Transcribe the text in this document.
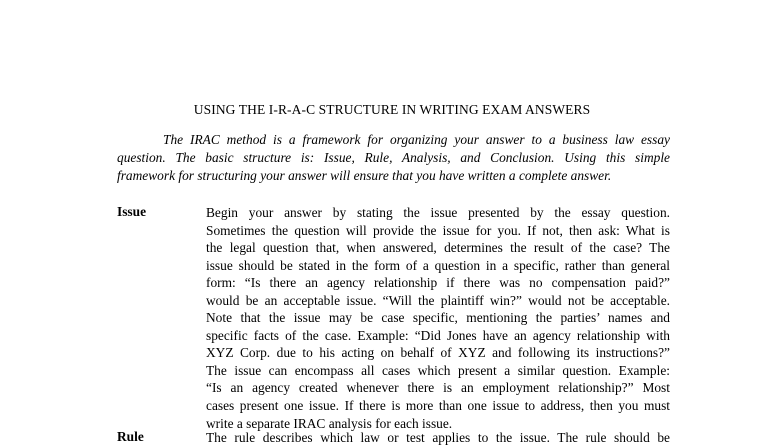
USING THE I-R-A-C STRUCTURE IN WRITING EXAM ANSWERS
The IRAC method is a framework for organizing your answer to a business law essay
question. The basic structure is: Issue, Rule, Analysis, and Conclusion. Using this simple
framework for structuring your answer will ensure that you have written a complete answer.
Issue	Begin your answer by stating the issue presented by the essay question.
Sometimes the question will provide the issue for you. If not, then ask: What is
the legal question that, when answered, determines the result of the case? The
issue should be stated in the form of a question in a specific, rather than general
form: “Is there an agency relationship if there was no compensation paid?”
would be an acceptable issue. “Will the plaintiff win?” would not be acceptable.
Note that the issue may be case specific, mentioning the parties’ names and
specific facts of the case. Example: “Did Jones have an agency relationship with
XYZ Corp. due to his acting on behalf of XYZ and following its instructions?”
The issue can encompass all cases which present a similar question. Example:
“Is an agency created whenever there is an employment relationship?” Most
cases present one issue. If there is more than one issue to address, then you must
write a separate IRAC analysis for each issue.
Rule	The rule describes which law or test applies to the issue. The rule should be
